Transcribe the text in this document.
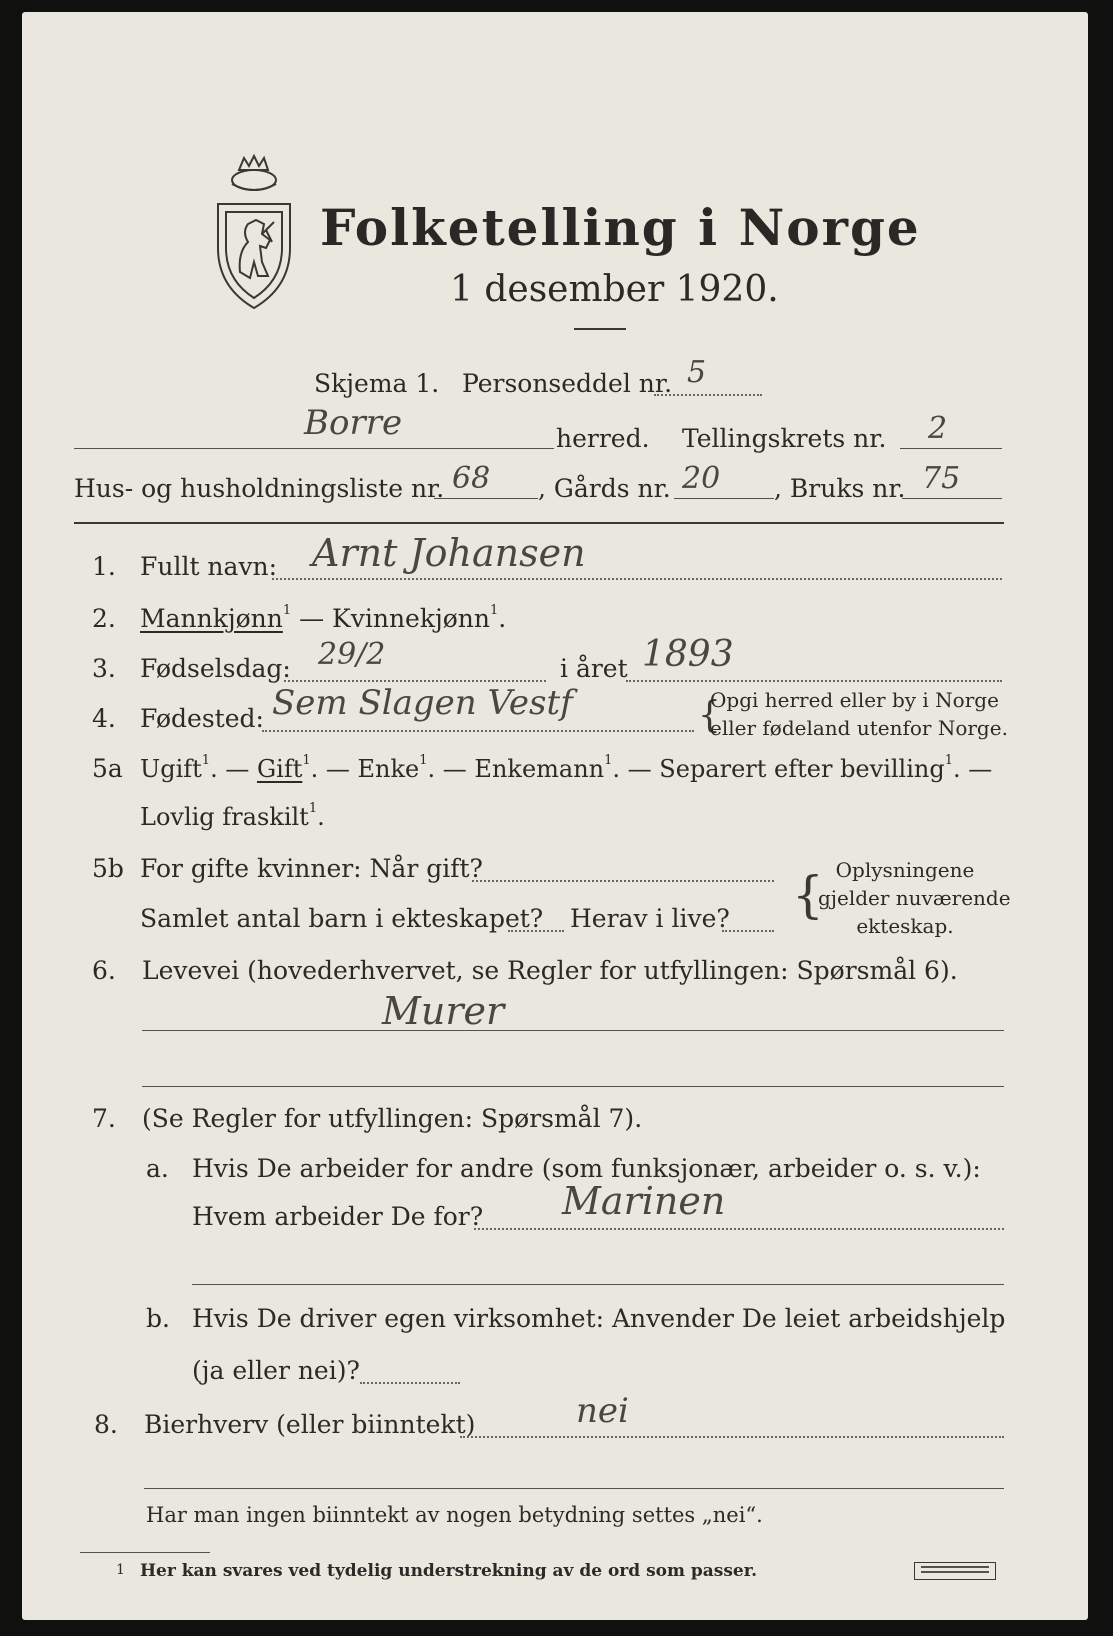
Folketelling i Norge
1 desember 1920.
Skjema 1. Personseddel nr. 5
Borre	herred. Tellingskrets nr. 2
Hus- og husholdningsliste nr. 68 , Gårds nr. 20 , Bruks nr. 75
1. Fullt navn: Arnt Johansen
2. Mannkjønn$^1$ — Kvinnekjønn$^1$.
3. Fødselsdag: 29/2	i året 1893
4. Fødested: Sem Slagen Vestf	{
Opgi herred eller by i Norge
eller fødeland utenfor Norge.
5a Ugift$^1$. — Gift$^1$. — Enke$^1$. — Enkemann$^1$. — Separert efter bevilling$^1$. —
Lovlig fraskilt$^1$.
5b For gifte kvinner: Når gift?
Samlet antal barn i ekteskapet? Herav i live? { Oplysningene
gjelder nuværende
ekteskap.
6. Levevei (hovederhvervet, se Regler for utfyllingen: Spørsmål 6).
Murer
7. (Se Regler for utfyllingen: Spørsmål 7).
a. Hvis De arbeider for andre (som funksjonær, arbeider o. s. v.):
Hvem arbeider De for? Marinen
b. Hvis De driver egen virksomhet: Anvender De leiet arbeidshjelp
(ja eller nei)?
8. Bierhverv (eller biinntekt)	nei
Har man ingen biinntekt av nogen betydning settes „nei“.
1 Her kan svares ved tydelig understrekning av de ord som passer.
